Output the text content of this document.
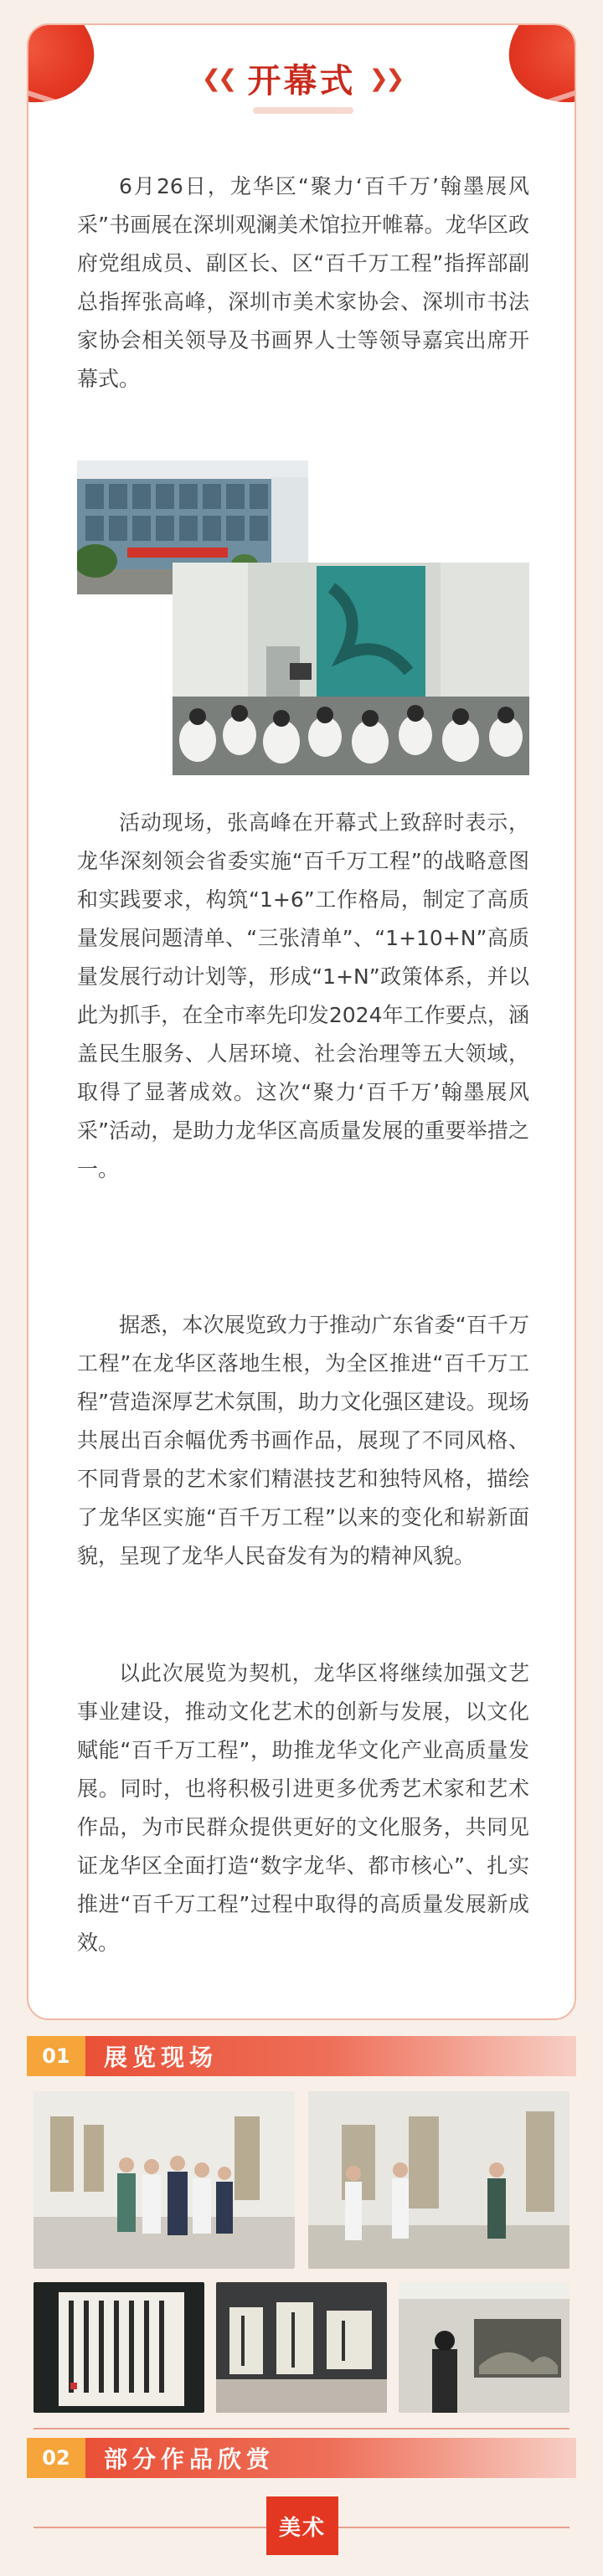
❮❮ 开幕式 ❯❯

6月26日，龙华区“聚力‘百千万’翰墨展风采”书画展在深圳观澜美术馆拉开帷幕。龙华区政府党组成员、副区长、区“百千万工程”指挥部副总指挥张高峰，深圳市美术家协会、深圳市书法家协会相关领导及书画界人士等领导嘉宾出席开幕式。

活动现场，张高峰在开幕式上致辞时表示，龙华深刻领会省委实施“百千万工程”的战略意图和实践要求，构筑“1+6”工作格局，制定了高质量发展问题清单、“三张清单”、“1+10+N”高质量发展行动计划等，形成“1+N”政策体系，并以此为抓手，在全市率先印发2024年工作要点，涵盖民生服务、人居环境、社会治理等五大领域，取得了显著成效。这次“聚力‘百千万’翰墨展风采”活动，是助力龙华区高质量发展的重要举措之一。

据悉，本次展览致力于推动广东省委“百千万工程”在龙华区落地生根，为全区推进“百千万工程”营造深厚艺术氛围，助力文化强区建设。现场共展出百余幅优秀书画作品，展现了不同风格、不同背景的艺术家们精湛技艺和独特风格，描绘了龙华区实施“百千万工程”以来的变化和崭新面貌，呈现了龙华人民奋发有为的精神风貌。

以此次展览为契机，龙华区将继续加强文艺事业建设，推动文化艺术的创新与发展，以文化赋能“百千万工程”，助推龙华文化产业高质量发展。同时，也将积极引进更多优秀艺术家和艺术作品，为市民群众提供更好的文化服务，共同见证龙华区全面打造“数字龙华、都市核心”、扎实推进“百千万工程”过程中取得的高质量发展新成效。

01	展览现场
02	部分作品欣赏
美术
